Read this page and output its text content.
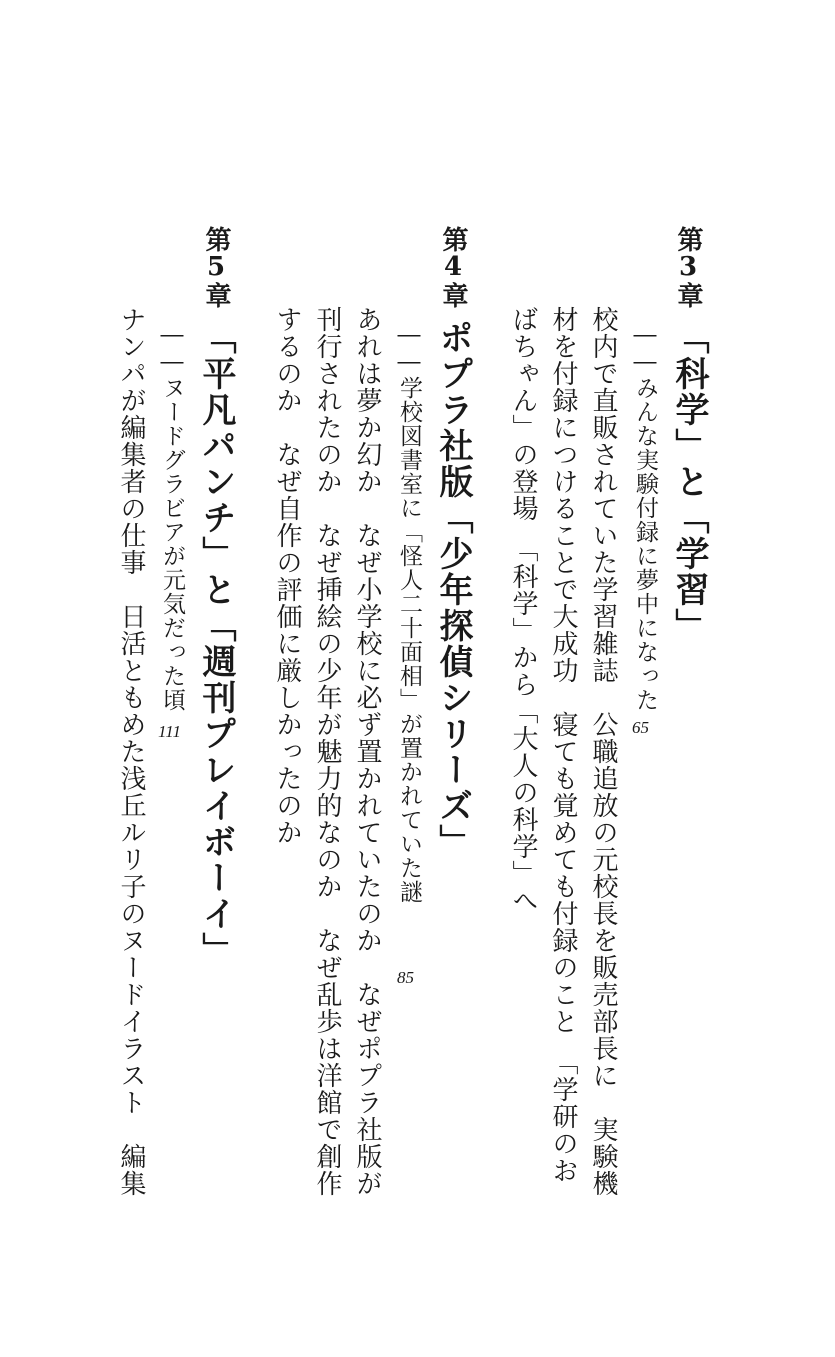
第3章
「科学」と「学習」
――みんな実験付録に夢中になった
65
校内で直販されていた学習雑誌　公職追放の元校長を販売部長に　実験機
材を付録につけることで大成功　寝ても覚めても付録のこと　「学研のお
ばちゃん」の登場　「科学」から「大人の科学」へ
第4章
ポプラ社版「少年探偵シリーズ」
――学校図書室に「怪人二十面相」が置かれていた謎
85
あれは夢か幻か　なぜ小学校に必ず置かれていたのか　なぜポプラ社版が
刊行されたのか　なぜ挿絵の少年が魅力的なのか　なぜ乱歩は洋館で創作
するのか　なぜ自作の評価に厳しかったのか
第5章
「平凡パンチ」と「週刊プレイボーイ」
――ヌードグラビアが元気だった頃
111
ナンパが編集者の仕事　日活ともめた浅丘ルリ子のヌードイラスト　編集
